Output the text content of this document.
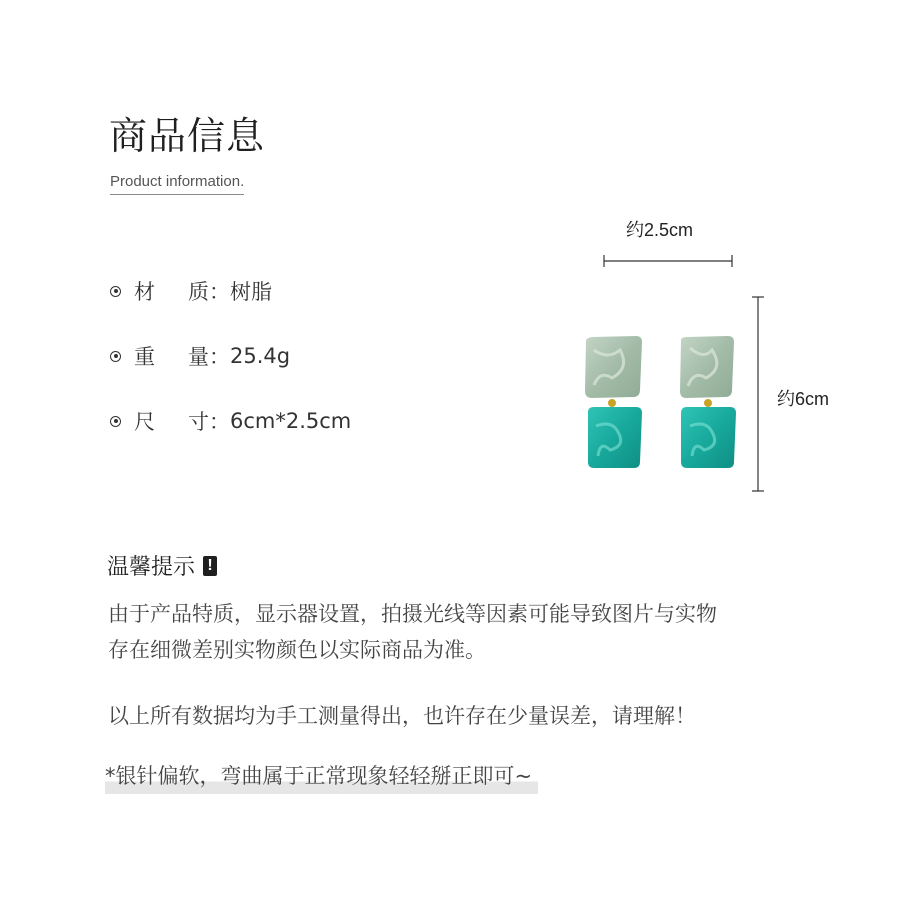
商品信息
Product information.
材 质： 树脂
重 量： 25.4g
尺 寸： 6cm*2.5cm
约2.5cm
约6cm
温馨提示 !
由于产品特质，显示器设置，拍摄光线等因素可能导致图片与实物
存在细微差别实物颜色以实际商品为准。
以上所有数据均为手工测量得出，也许存在少量误差，请理解！
*银针偏软，弯曲属于正常现象轻轻掰正即可~
